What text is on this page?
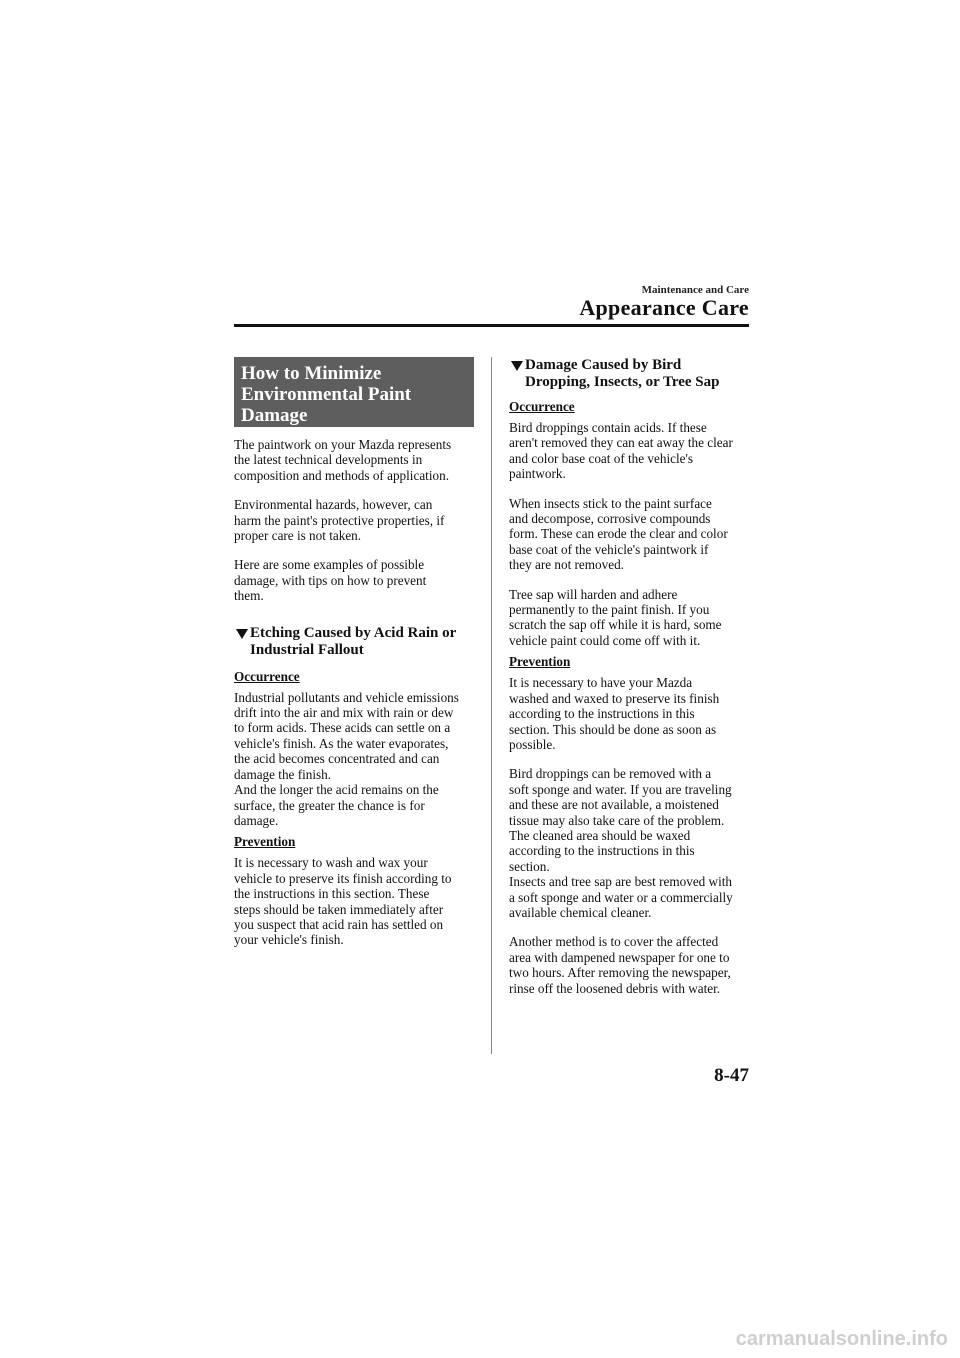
Maintenance and Care
Appearance Care
How to Minimize
Environmental Paint
Damage

The paintwork on your Mazda represents
the latest technical developments in
composition and methods of application.

Environmental hazards, however, can
harm the paint's protective properties, if
proper care is not taken.

Here are some examples of possible
damage, with tips on how to prevent
them.

Etching Caused by Acid Rain or
Industrial Fallout
Occurrence

Industrial pollutants and vehicle emissions
drift into the air and mix with rain or dew
to form acids. These acids can settle on a
vehicle's finish. As the water evaporates,
the acid becomes concentrated and can
damage the finish.
And the longer the acid remains on the
surface, the greater the chance is for
damage.

Prevention

It is necessary to wash and wax your
vehicle to preserve its finish according to
the instructions in this section. These
steps should be taken immediately after
you suspect that acid rain has settled on
your vehicle's finish.

Damage Caused by Bird
Dropping, Insects, or Tree Sap
Occurrence

Bird droppings contain acids. If these
aren't removed they can eat away the clear
and color base coat of the vehicle's
paintwork.

When insects stick to the paint surface
and decompose, corrosive compounds
form. These can erode the clear and color
base coat of the vehicle's paintwork if
they are not removed.

Tree sap will harden and adhere
permanently to the paint finish. If you
scratch the sap off while it is hard, some
vehicle paint could come off with it.

Prevention

It is necessary to have your Mazda
washed and waxed to preserve its finish
according to the instructions in this
section. This should be done as soon as
possible.

Bird droppings can be removed with a
soft sponge and water. If you are traveling
and these are not available, a moistened
tissue may also take care of the problem.
The cleaned area should be waxed
according to the instructions in this
section.
Insects and tree sap are best removed with
a soft sponge and water or a commercially
available chemical cleaner.

Another method is to cover the affected
area with dampened newspaper for one to
two hours. After removing the newspaper,
rinse off the loosened debris with water.

8-47
carmanualsonline.info
